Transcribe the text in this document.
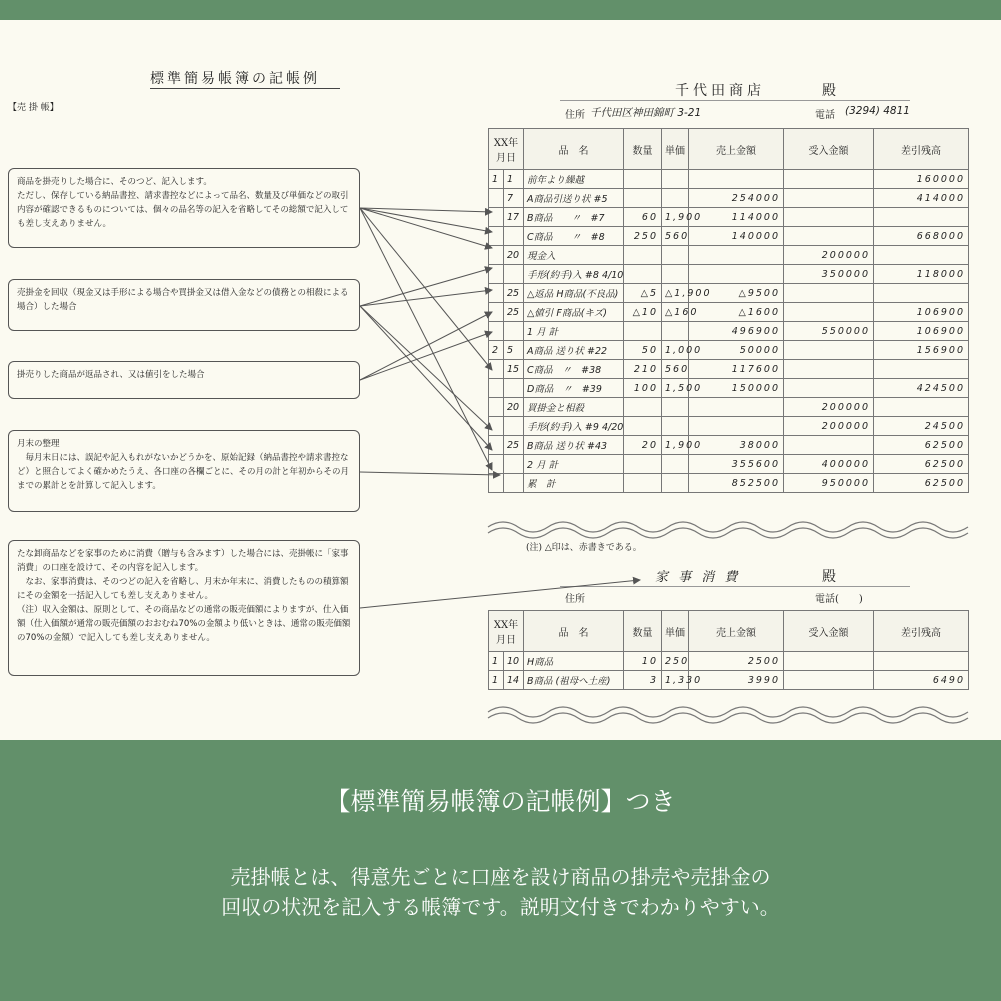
標準簡易帳簿の記帳例
【売 掛 帳】
商品を掛売りした場合に、そのつど、記入します。
ただし、保存している納品書控、請求書控などによって品名、数量及び単価などの取引内容が確認できるものについては、個々の品名等の記入を省略してその総額で記入しても差し支えありません。
売掛金を回収（現金又は手形による場合や買掛金又は借入金などの債務との相殺による場合）した場合
掛売りした商品が返品され、又は値引をした場合
月末の整理
　毎月末日には、誤記や記入もれがないかどうかを、原始記録（納品書控や請求書控など）と照合してよく確かめたうえ、各口座の各欄ごとに、その月の計と年初からその月までの累計とを計算して記入します。
たな卸商品などを家事のために消費（贈与も含みます）した場合には、売掛帳に「家事消費」の口座を設けて、その内容を記入します。
　なお、家事消費は、そのつどの記入を省略し、月末か年末に、消費したものの積算額にその金額を一括記入しても差し支えありません。
（注）収入金額は、原則として、その商品などの通常の販売価額によりますが、仕入価額（仕入価額が通常の販売価額のおおむね70%の金額より低いときは、通常の販売価額の70%の金額）で記入しても差し支えありません。
千代田商店	殿
住所 千代田区神田錦町 3-21	電話 (3294) 4811
XX年月日		品　名	数量	単価	売上金額	受入金額	差引残高
1	1	前年より繰越					160000
	7	A商品引送り状 #5			254000		414000
	17	B商品　　〃　#7	60	1,900	114000		
		C商品　　〃　#8	250	560	140000		668000
	20	現金入				200000	
		手形(約手)入 #8 4/10				350000	118000
	25	△返品 H商品(不良品)	△5	△1,900	△9500		
	25	△値引 F商品(キズ)	△10	△160	△1600		106900
		1 月 計			496900	550000	106900
2	5	A商品 送り状 #22	50	1,000	50000		156900
	15	C商品　〃　#38	210	560	117600		
		D商品　〃　#39	100	1,500	150000		424500
	20	買掛金と相殺				200000	
		手形(約手)入 #9 4/20				200000	24500
	25	B商品 送り状 #43	20	1,900	38000		62500
		2 月 計			355600	400000	62500
		累　計			852500	950000	62500
(注) △印は、赤書きである。
家 事 消 費	殿
住所	電話(　　)
XX年月日		品　名	数量	単価	売上金額	受入金額	差引残高
1	10	H商品	10	250	2500		
1	14	B商品 (祖母へ土産)	3	1,330	3990		6490
【標準簡易帳簿の記帳例】つき
売掛帳とは、得意先ごとに口座を設け商品の掛売や売掛金の
回収の状況を記入する帳簿です。説明文付きでわかりやすい。
